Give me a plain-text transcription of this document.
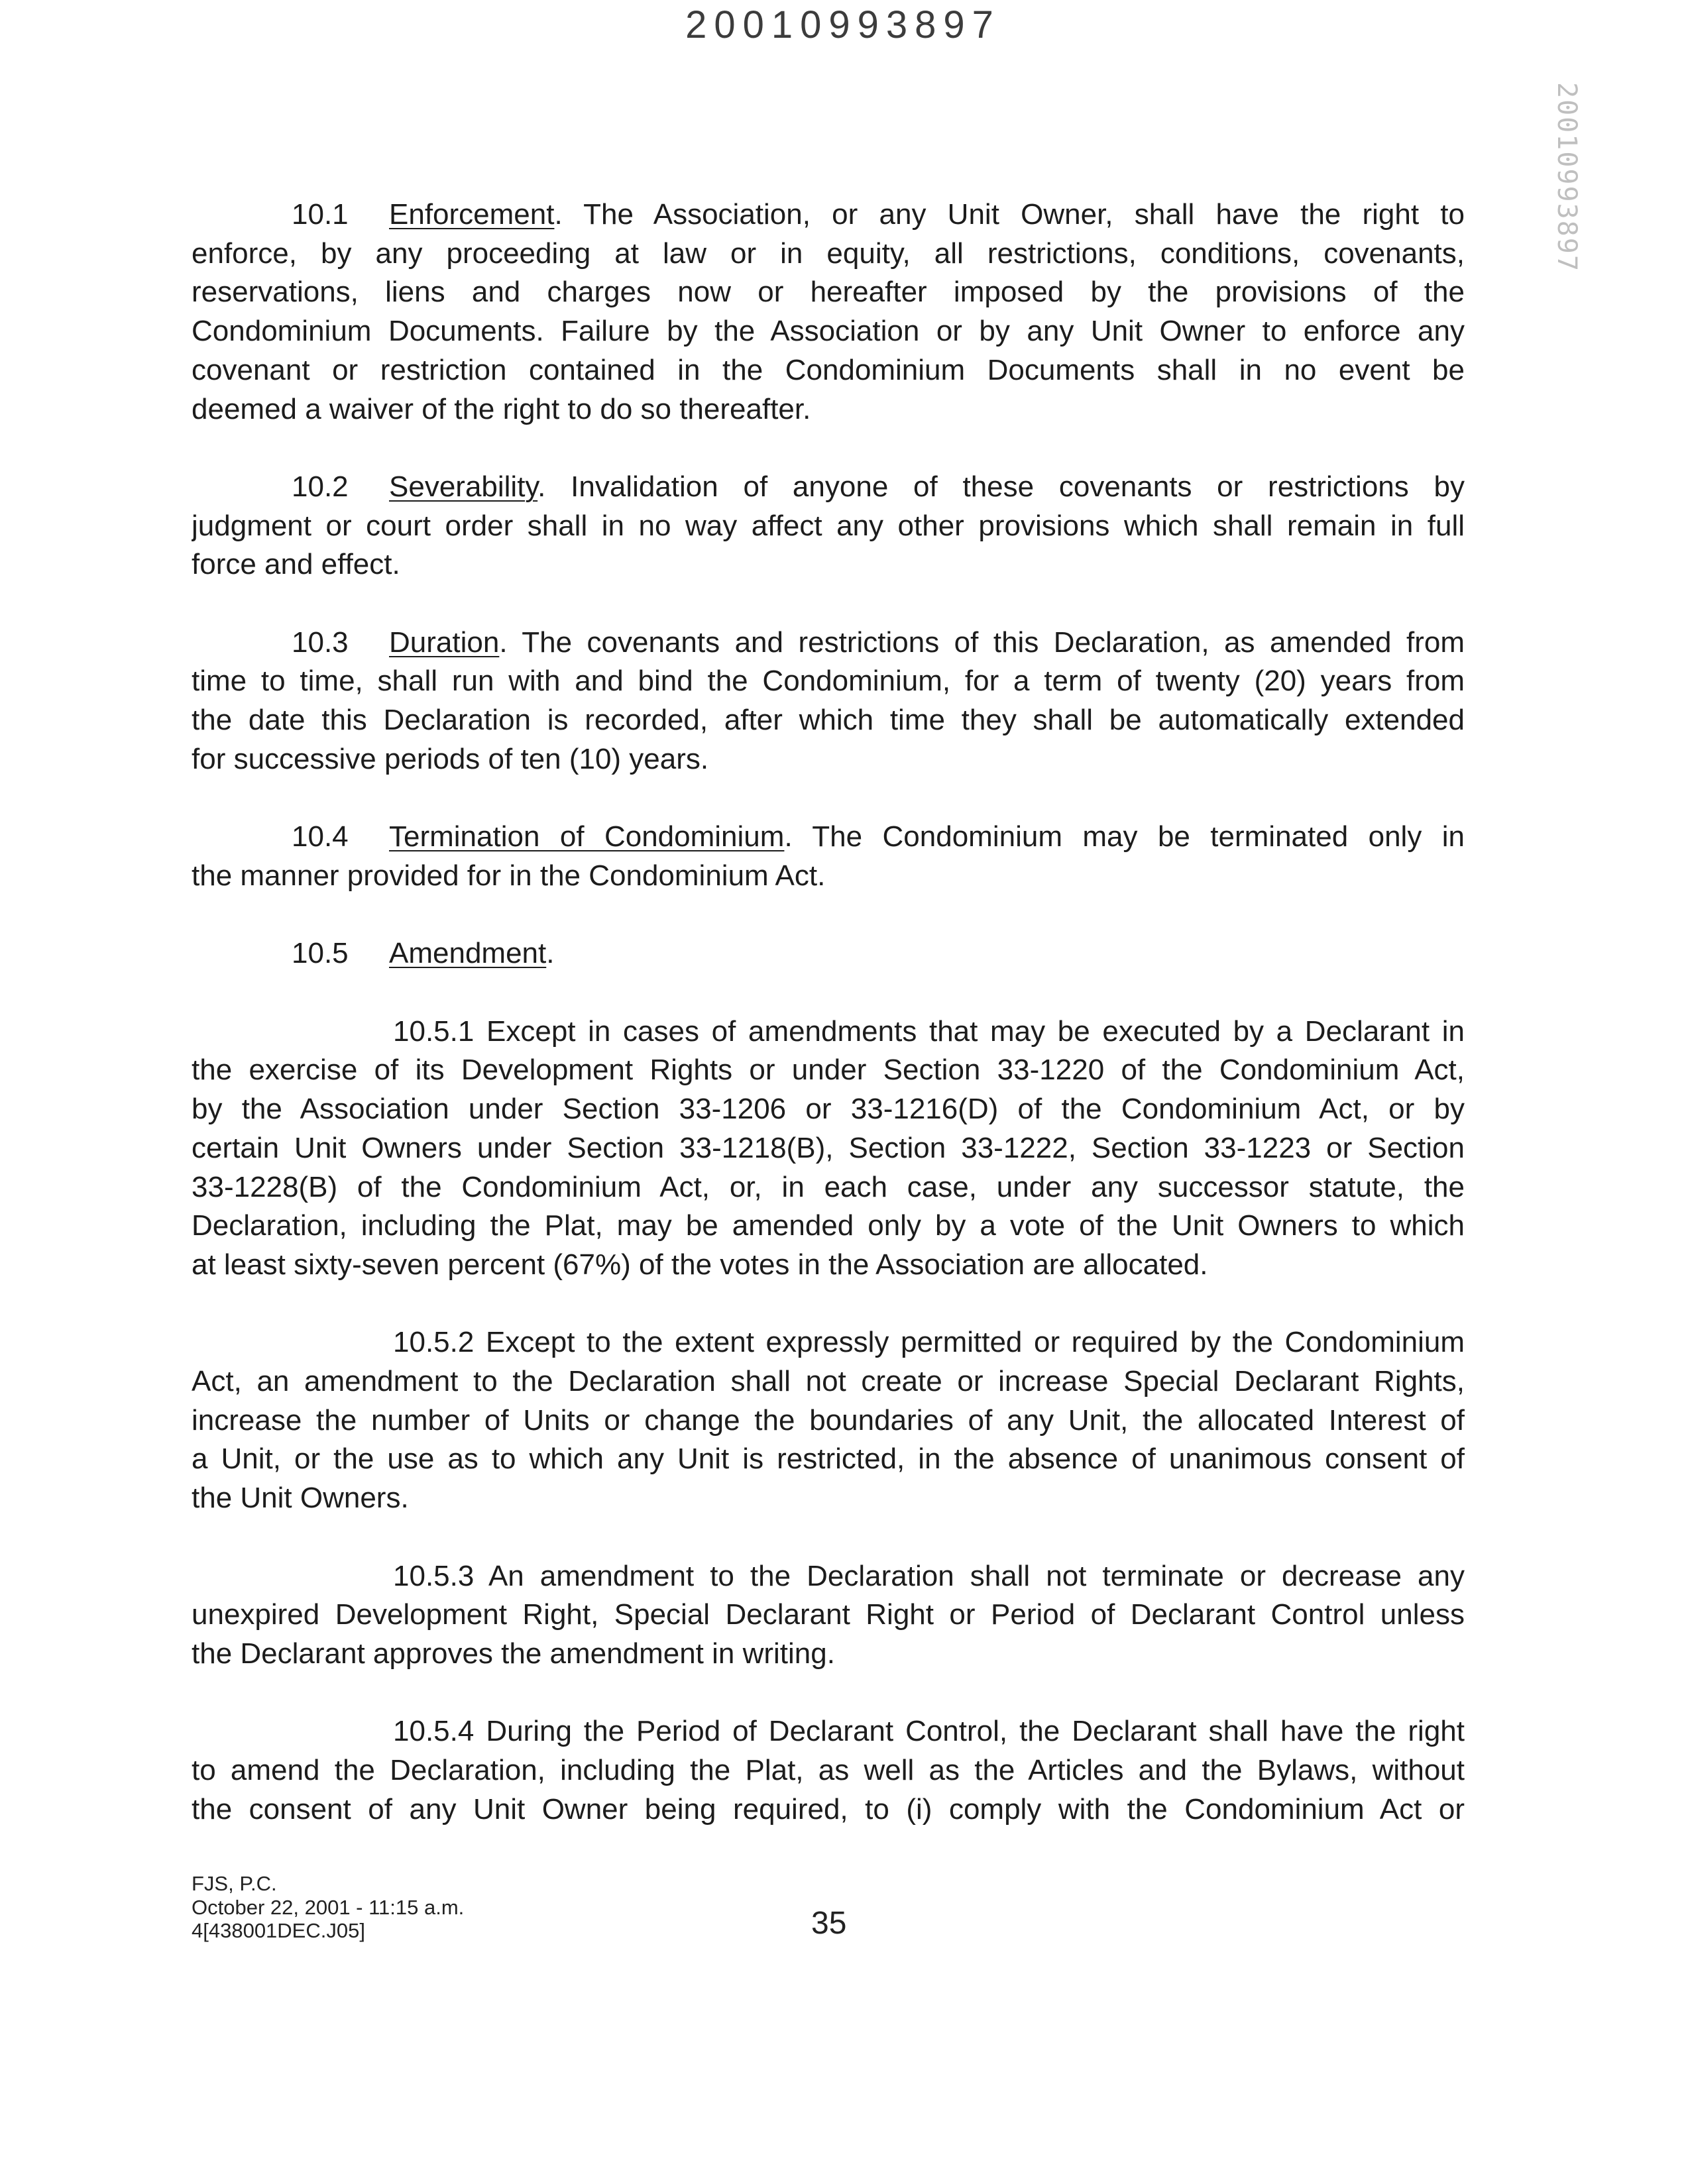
20010993897
20010993897
10.1 Enforcement. The Association, or any Unit Owner, shall have the right to
enforce, by any proceeding at law or in equity, all restrictions, conditions, covenants,
reservations, liens and charges now or hereafter imposed by the provisions of the
Condominium Documents. Failure by the Association or by any Unit Owner to enforce any
covenant or restriction contained in the Condominium Documents shall in no event be
deemed a waiver of the right to do so thereafter.
10.2 Severability. Invalidation of anyone of these covenants or restrictions by
judgment or court order shall in no way affect any other provisions which shall remain in full
force and effect.
10.3 Duration. The covenants and restrictions of this Declaration, as amended from
time to time, shall run with and bind the Condominium, for a term of twenty (20) years from
the date this Declaration is recorded, after which time they shall be automatically extended
for successive periods of ten (10) years.
10.4 Termination of Condominium. The Condominium may be terminated only in
the manner provided for in the Condominium Act.
10.5 Amendment.
10.5.1 Except in cases of amendments that may be executed by a Declarant in
the exercise of its Development Rights or under Section 33-1220 of the Condominium Act,
by the Association under Section 33-1206 or 33-1216(D) of the Condominium Act, or by
certain Unit Owners under Section 33-1218(B), Section 33-1222, Section 33-1223 or Section
33-1228(B) of the Condominium Act, or, in each case, under any successor statute, the
Declaration, including the Plat, may be amended only by a vote of the Unit Owners to which
at least sixty-seven percent (67%) of the votes in the Association are allocated.
10.5.2 Except to the extent expressly permitted or required by the Condominium
Act, an amendment to the Declaration shall not create or increase Special Declarant Rights,
increase the number of Units or change the boundaries of any Unit, the allocated Interest of
a Unit, or the use as to which any Unit is restricted, in the absence of unanimous consent of
the Unit Owners.
10.5.3 An amendment to the Declaration shall not terminate or decrease any
unexpired Development Right, Special Declarant Right or Period of Declarant Control unless
the Declarant approves the amendment in writing.
10.5.4 During the Period of Declarant Control, the Declarant shall have the right
to amend the Declaration, including the Plat, as well as the Articles and the Bylaws, without
the consent of any Unit Owner being required, to (i) comply with the Condominium Act or
FJS, P.C.
October 22, 2001 - 11:15 a.m.
4[438001DEC.J05]	35
